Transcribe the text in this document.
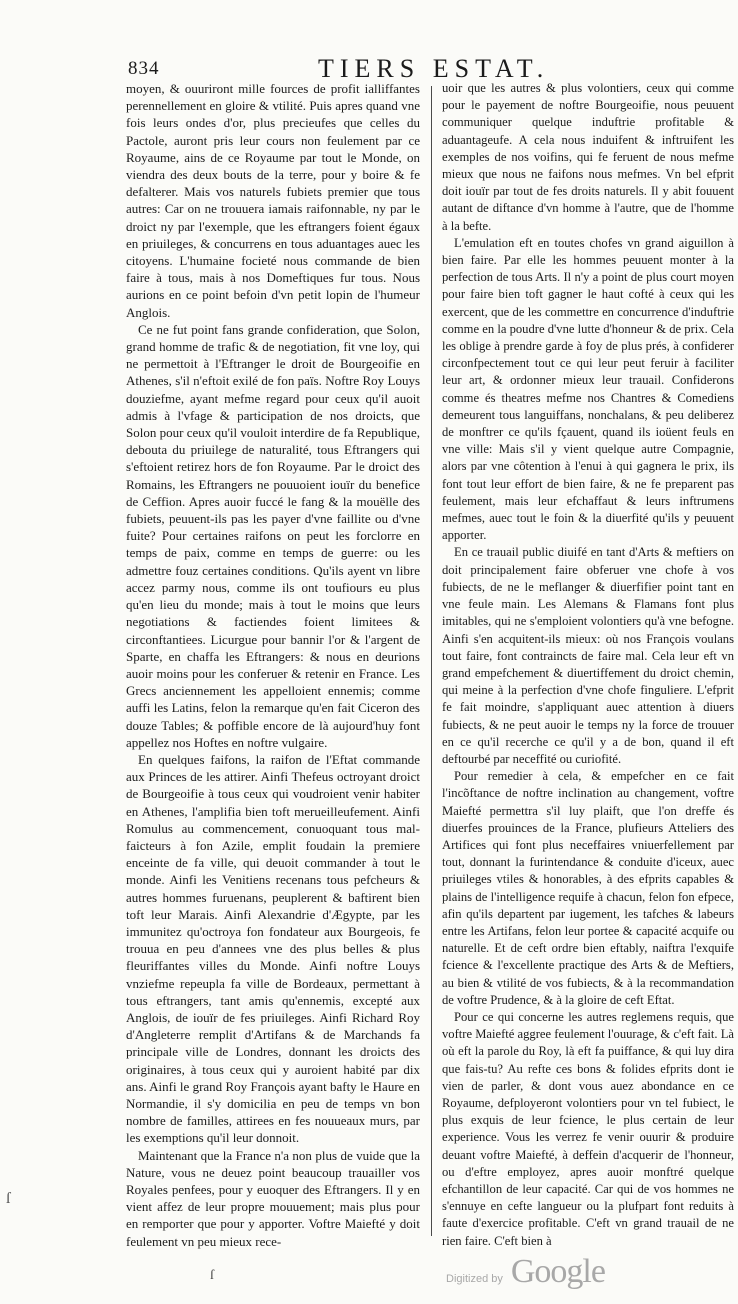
834	TIERS ESTAT.

moyen, & ouuriront mille fources de profit ialliffantes perennellement en gloire & vtilité. Puis apres quand vne fois leurs ondes d'or, plus precieufes que celles du Pactole, auront pris leur cours non feulement par ce Royaume, ains de ce Royaume par tout le Monde, on viendra des deux bouts de la terre, pour y boire & fe defalterer. Mais vos naturels fubiets premier que tous autres: Car on ne trouuera iamais raifonnable, ny par le droict ny par l'exemple, que les eftrangers foient égaux en priuileges, & concurrens en tous aduantages auec les citoyens. L'humaine focieté nous commande de bien faire à tous, mais à nos Domeftiques fur tous. Nous aurions en ce point befoin d'vn petit lopin de l'humeur Anglois.

Ce ne fut point fans grande confideration, que Solon, grand homme de trafic & de negotiation, fit vne loy, qui ne permettoit à l'Eftranger le droit de Bourgeoifie en Athenes, s'il n'eftoit exilé de fon païs. Noftre Roy Louys douziefme, ayant mefme regard pour ceux qu'il auoit admis à l'vfage & participation de nos droicts, que Solon pour ceux qu'il vouloit interdire de fa Republique, debouta du priuilege de naturalité, tous Eftrangers qui s'eftoient retirez hors de fon Royaume. Par le droict des Romains, les Eftrangers ne pouuoient iouïr du benefice de Ceffion. Apres auoir fuccé le fang & la mouëlle des fubiets, peuuent-ils pas les payer d'vne faillite ou d'vne fuite? Pour certaines raifons on peut les forclorre en temps de paix, comme en temps de guerre: ou les admettre fouz certaines conditions. Qu'ils ayent vn libre accez parmy nous, comme ils ont toufiours eu plus qu'en lieu du monde; mais à tout le moins que leurs negotiations & factiendes foient limitees & circonftantiees. Licurgue pour bannir l'or & l'argent de Sparte, en chaffa les Eftrangers: & nous en deurions auoir moins pour les conferuer & retenir en France. Les Grecs anciennement les appelloient ennemis; comme auffi les Latins, felon la remarque qu'en fait Ciceron des douze Tables; & poffible encore de là aujourd'huy font appellez nos Hoftes en noftre vulgaire.

En quelques faifons, la raifon de l'Eftat commande aux Princes de les attirer. Ainfi Thefeus octroyant droict de Bourgeoifie à tous ceux qui voudroient venir habiter en Athenes, l'amplifia bien toft merueilleufement. Ainfi Romulus au commencement, conuoquant tous mal-faicteurs à fon Azile, emplit foudain la premiere enceinte de fa ville, qui deuoit commander à tout le monde. Ainfi les Venitiens recenans tous pefcheurs & autres hommes furuenans, peuplerent & baftirent bien toft leur Marais. Ainfi Alexandrie d'Ægypte, par les immunitez qu'octroya fon fondateur aux Bourgeois, fe trouua en peu d'annees vne des plus belles & plus fleuriffantes villes du Monde. Ainfi noftre Louys vnziefme repeupla fa ville de Bordeaux, permettant à tous eftrangers, tant amis qu'ennemis, excepté aux Anglois, de iouïr de fes priuileges. Ainfi Richard Roy d'Angleterre remplit d'Artifans & de Marchands fa principale ville de Londres, donnant les droicts des originaires, à tous ceux qui y auroient habité par dix ans. Ainfi le grand Roy François ayant bafty le Haure en Normandie, il s'y domicilia en peu de temps vn bon nombre de familles, attirees en fes nouueaux murs, par les exemptions qu'il leur donnoit.

Maintenant que la France n'a non plus de vuide que la Nature, vous ne deuez point beaucoup trauailler vos Royales penfees, pour y euoquer des Eftrangers. Il y en vient affez de leur propre mouuement; mais plus pour en remporter que pour y apporter. Voftre Maiefté y doit feulement vn peu mieux rece-

uoir que les autres & plus volontiers, ceux qui comme pour le payement de noftre Bourgeoifie, nous peuuent communiquer quelque induftrie profitable & aduantageufe. A cela nous induifent & inftruifent les exemples de nos voifins, qui fe feruent de nous mefme mieux que nous ne faifons nous mefmes. Vn bel efprit doit iouïr par tout de fes droits naturels. Il y abit fouuent autant de diftance d'vn homme à l'autre, que de l'homme à la befte.

L'emulation eft en toutes chofes vn grand aiguillon à bien faire. Par elle les hommes peuuent monter à la perfection de tous Arts. Il n'y a point de plus court moyen pour faire bien toft gagner le haut cofté à ceux qui les exercent, que de les commettre en concurrence d'induftrie comme en la poudre d'vne lutte d'honneur & de prix. Cela les oblige à prendre garde à foy de plus prés, à confiderer circonfpectement tout ce qui leur peut feruir à faciliter leur art, & ordonner mieux leur trauail. Confiderons comme és theatres mefme nos Chantres & Comediens demeurent tous languiffans, nonchalans, & peu deliberez de monftrer ce qu'ils fçauent, quand ils ioüent feuls en vne ville: Mais s'il y vient quelque autre Compagnie, alors par vne côtention à l'enui à qui gagnera le prix, ils font tout leur effort de bien faire, & ne fe preparent pas feulement, mais leur efchaffaut & leurs inftrumens mefmes, auec tout le foin & la diuerfité qu'ils y peuuent apporter.

En ce trauail public diuifé en tant d'Arts & meftiers on doit principalement faire obferuer vne chofe à vos fubiects, de ne le meflanger & diuerfifier point tant en vne feule main. Les Alemans & Flamans font plus imitables, qui ne s'emploient volontiers qu'à vne befogne. Ainfi s'en acquitent-ils mieux: où nos François voulans tout faire, font contraincts de faire mal. Cela leur eft vn grand empefchement & diuertiffement du droict chemin, qui meine à la perfection d'vne chofe finguliere. L'efprit fe fait moindre, s'appliquant auec attention à diuers fubiects, & ne peut auoir le temps ny la force de trouuer en ce qu'il recerche ce qu'il y a de bon, quand il eft deftourbé par neceffité ou curiofité.

Pour remedier à cela, & empefcher en ce fait l'incõftance de noftre inclination au changement, voftre Maiefté permettra s'il luy plaift, que l'on dreffe és diuerfes prouinces de la France, plufieurs Atteliers des Artifices qui font plus neceffaires vniuerfellement par tout, donnant la furintendance & conduite d'iceux, auec priuileges vtiles & honorables, à des efprits capables & plains de l'intelligence requife à chacun, felon fon efpece, afin qu'ils departent par iugement, les tafches & labeurs entre les Artifans, felon leur portee & capacité acquife ou naturelle. Et de ceft ordre bien eftably, naiftra l'exquife fcience & l'excellente practique des Arts & de Meftiers, au bien & vtilité de vos fubiects, & à la recommandation de voftre Prudence, & à la gloire de ceft Eftat.

Pour ce qui concerne les autres reglemens requis, que voftre Maiefté aggree feulement l'ouurage, & c'eft fait. Là où eft la parole du Roy, là eft fa puiffance, & qui luy dira que fais-tu? Au refte ces bons & folides efprits dont ie vien de parler, & dont vous auez abondance en ce Royaume, defployeront volontiers pour vn tel fubiect, le plus exquis de leur fcience, le plus certain de leur experience. Vous les verrez fe venir ouurir & produire deuant voftre Maiefté, à deffein d'acquerir de l'honneur, ou d'eftre employez, apres auoir monftré quelque efchantillon de leur capacité. Car qui de vos hommes ne s'ennuye en cefte langueur ou la plufpart font reduits à faute d'exercice profitable. C'eft vn grand trauail de ne rien faire. C'eft bien à

ſ
ſ	Digitized by Google
